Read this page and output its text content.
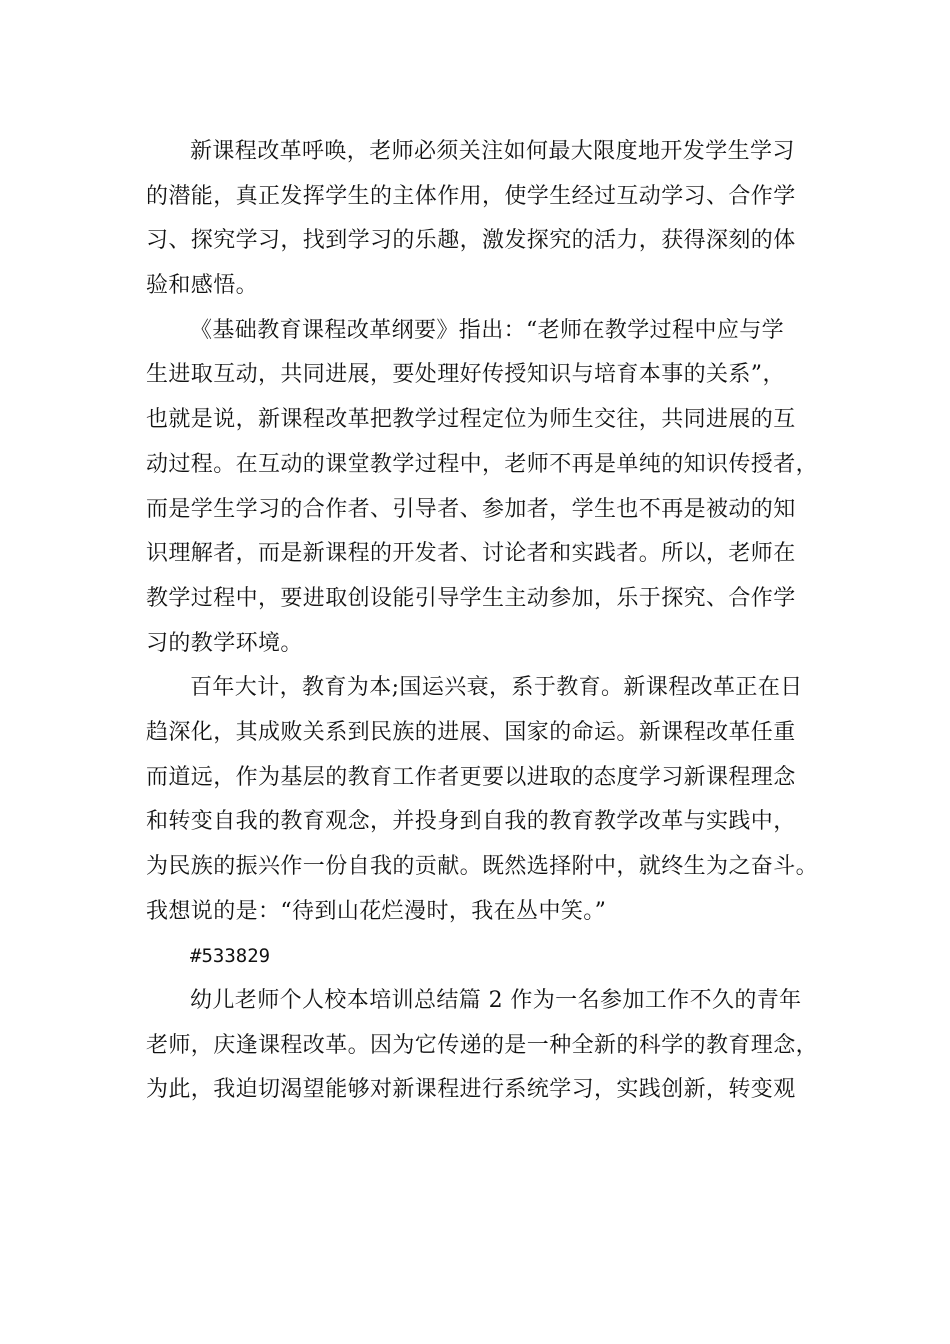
新课程改革呼唤，老师必须关注如何最大限度地开发学生学习
的潜能，真正发挥学生的主体作用，使学生经过互动学习、合作学
习、探究学习，找到学习的乐趣，激发探究的活力，获得深刻的体
验和感悟。
《基础教育课程改革纲要》指出：“老师在教学过程中应与学
生进取互动，共同进展，要处理好传授知识与培育本事的关系”，
也就是说，新课程改革把教学过程定位为师生交往，共同进展的互
动过程。在互动的课堂教学过程中，老师不再是单纯的知识传授者，
而是学生学习的合作者、引导者、参加者，学生也不再是被动的知
识理解者，而是新课程的开发者、讨论者和实践者。所以，老师在
教学过程中，要进取创设能引导学生主动参加，乐于探究、合作学
习的教学环境。
百年大计，教育为本;国运兴衰，系于教育。新课程改革正在日
趋深化，其成败关系到民族的进展、国家的命运。新课程改革任重
而道远，作为基层的教育工作者更要以进取的态度学习新课程理念
和转变自我的教育观念，并投身到自我的教育教学改革与实践中，
为民族的振兴作一份自我的贡献。既然选择附中，就终生为之奋斗。
我想说的是：“待到山花烂漫时，我在丛中笑。”
#533829
幼儿老师个人校本培训总结篇 2 作为一名参加工作不久的青年
老师，庆逢课程改革。因为它传递的是一种全新的科学的教育理念，
为此，我迫切渴望能够对新课程进行系统学习，实践创新，转变观
